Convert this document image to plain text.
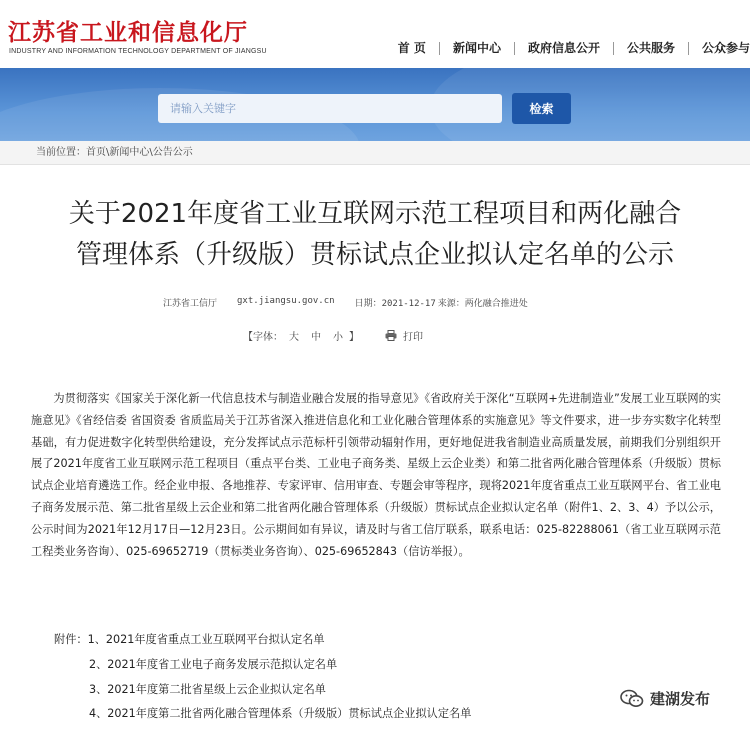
江苏省工业和信息化厅
INDUSTRY AND INFORMATION TECHNOLOGY DEPARTMENT OF JIANGSU	首 页	新闻中心	政府信息公开	公共服务	公众参与
请输入关键字
检索
当前位置： 首页 \ 新闻中心 \ 公告公示
关于2021年度省工业互联网示范工程项目和两化融合
管理体系（升级版）贯标试点企业拟认定名单的公示
江苏省工信厅 gxt.jiangsu.gov.cn 日期：2021-12-17 来源：两化融合推进处
【字体： 大 中 小 】	打印

为贯彻落实《国家关于深化新一代信息技术与制造业融合发展的指导意见》《省政府关于深化“互联网+先进制造业”发展工业互联网的实施意见》《省经信委 省国资委 省质监局关于江苏省深入推进信息化和工业化融合管理体系的实施意见》等文件要求，进一步夯实数字化转型基础，有力促进数字化转型供给建设，充分发挥试点示范标杆引领带动辐射作用，更好地促进我省制造业高质量发展，前期我们分别组织开展了2021年度省工业互联网示范工程项目（重点平台类、工业电子商务类、星级上云企业类）和第二批省两化融合管理体系（升级版）贯标试点企业培育遴选工作。经企业申报、各地推荐、专家评审、信用审查、专题会审等程序，现将2021年度省重点工业互联网平台、省工业电子商务发展示范、第二批省星级上云企业和第二批省两化融合管理体系（升级版）贯标试点企业拟认定名单（附件1、2、3、4）予以公示，公示时间为2021年12月17日—12月23日。公示期间如有异议，请及时与省工信厅联系，联系电话：025-82288061（省工业互联网示范工程类业务咨询）、025-69652719（贯标类业务咨询）、025-69652843（信访举报）。

附件：1、2021年度省重点工业互联网平台拟认定名单
2、2021年度省工业电子商务发展示范拟认定名单
3、2021年度第二批省星级上云企业拟认定名单
4、2021年度第二批省两化融合管理体系（升级版）贯标试点企业拟认定名单
建湖发布
